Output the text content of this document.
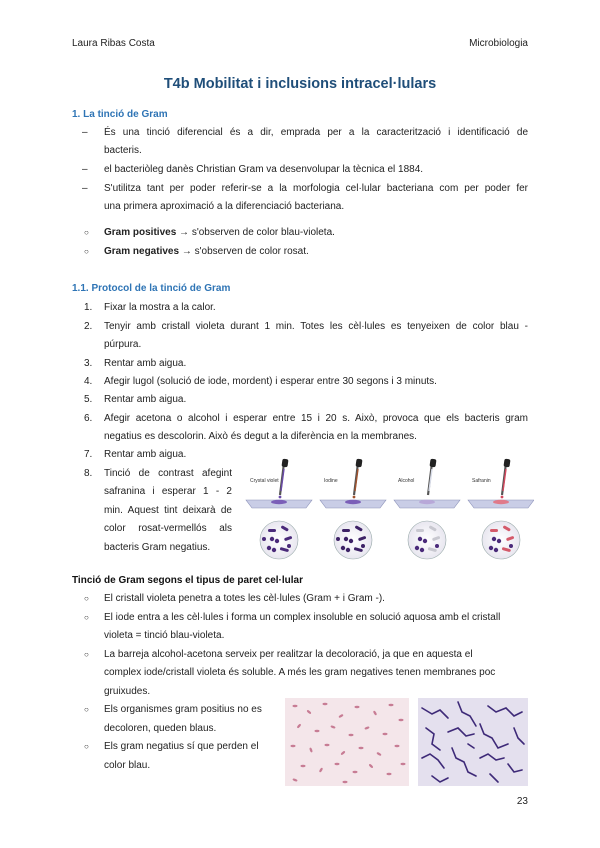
Laura Ribas Costa	Microbiologia
T4b Mobilitat i inclusions intracel·lulars
1. La tinció de Gram
– És una tinció diferencial és a dir, emprada per a la caracterització i identificació de
bacteris.
– el bacteriòleg danès Christian Gram va desenvolupar la tècnica el 1884.
– S'utilitza tant per poder referir-se a la morfologia cel·lular bacteriana com per poder fer
una primera aproximació a la diferenciació bacteriana.
○ Gram positives → s'observen de color blau-violeta.
○ Gram negatives → s'observen de color rosat.
1.1. Protocol de la tinció de Gram
1. Fixar la mostra a la calor.
2. Tenyir amb cristall violeta durant 1 min. Totes les cèl·lules es tenyeixen de color blau -
púrpura.
3. Rentar amb aigua.
4. Afegir lugol (solució de iode, mordent) i esperar entre 30 segons i 3 minuts.
5. Rentar amb aigua.
6. Afegir acetona o alcohol i esperar entre 15 i 20 s. Això, provoca que els bacteris gram
negatius es descolorin. Això és degut a la diferència en la membranes.
7. Rentar amb aigua.
8. Tinció de contrast afegint
safranina i esperar 1 - 2
min. Aquest tint deixarà de
color rosat-vermellós als
bacteris Gram negatius.
Crystal violet	Iodine	Alcohol	Safranin
Tinció de Gram segons el tipus de paret cel·lular
○ El cristall violeta penetra a totes les cèl·lules (Gram + i Gram -).
○ El iode entra a les cèl·lules i forma un complex insoluble en solució aquosa amb el cristall
violeta = tinció blau-violeta.
○ La barreja alcohol-acetona serveix per realitzar la decoloració, ja que en aquesta el
complex iode/cristall violeta és soluble. A més les gram negatives tenen membranes poc
gruixudes.
○ Els organismes gram positius no es
decoloren, queden blaus.
○ Els gram negatius sí que perden el
color blau.
23
